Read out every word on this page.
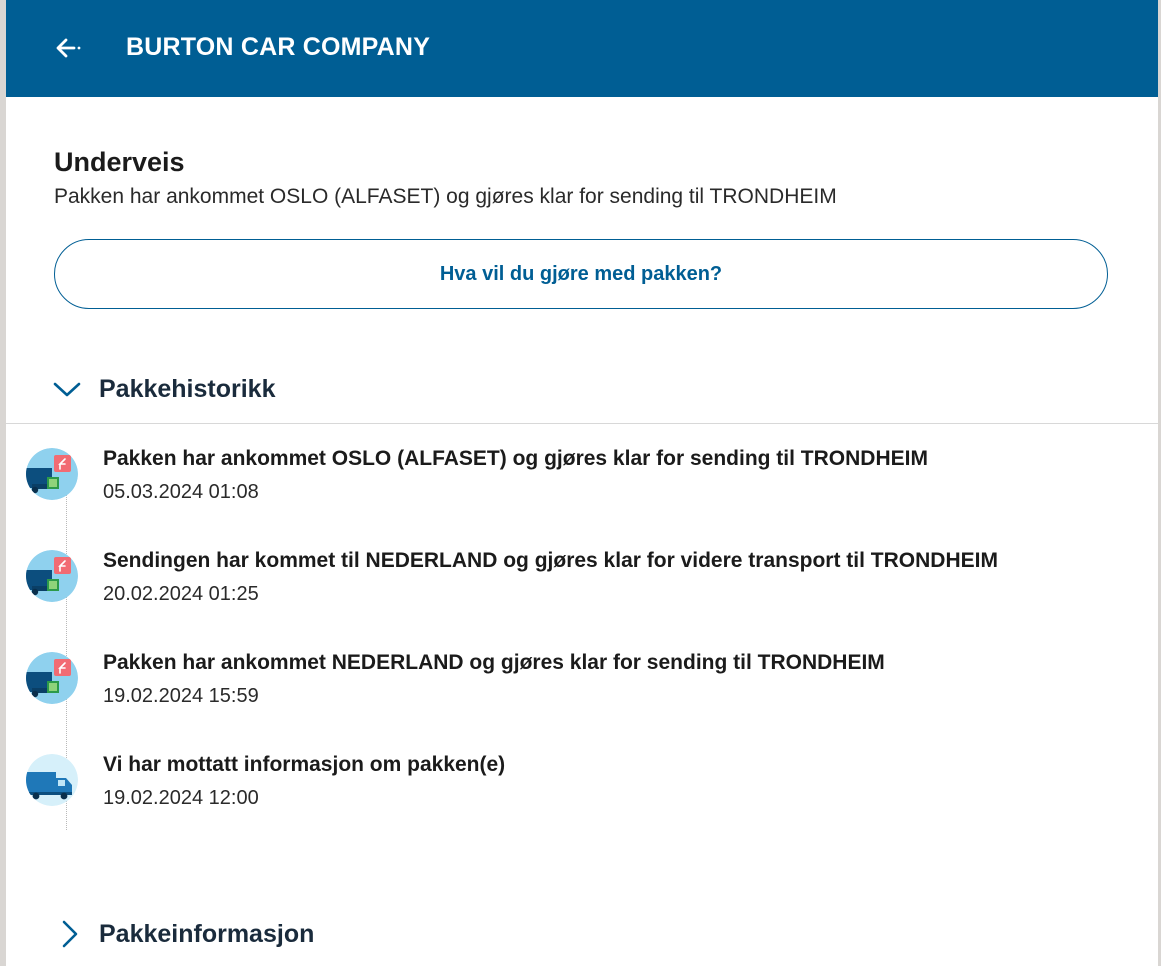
BURTON CAR COMPANY
Underveis
Pakken har ankommet OSLO (ALFASET) og gjøres klar for sending til TRONDHEIM
Hva vil du gjøre med pakken?
Pakkehistorikk
Pakken har ankommet OSLO (ALFASET) og gjøres klar for sending til TRONDHEIM
05.03.2024 01:08
Sendingen har kommet til NEDERLAND og gjøres klar for videre transport til TRONDHEIM
20.02.2024 01:25
Pakken har ankommet NEDERLAND og gjøres klar for sending til TRONDHEIM
19.02.2024 15:59
Vi har mottatt informasjon om pakken(e)
19.02.2024 12:00
Pakkeinformasjon
